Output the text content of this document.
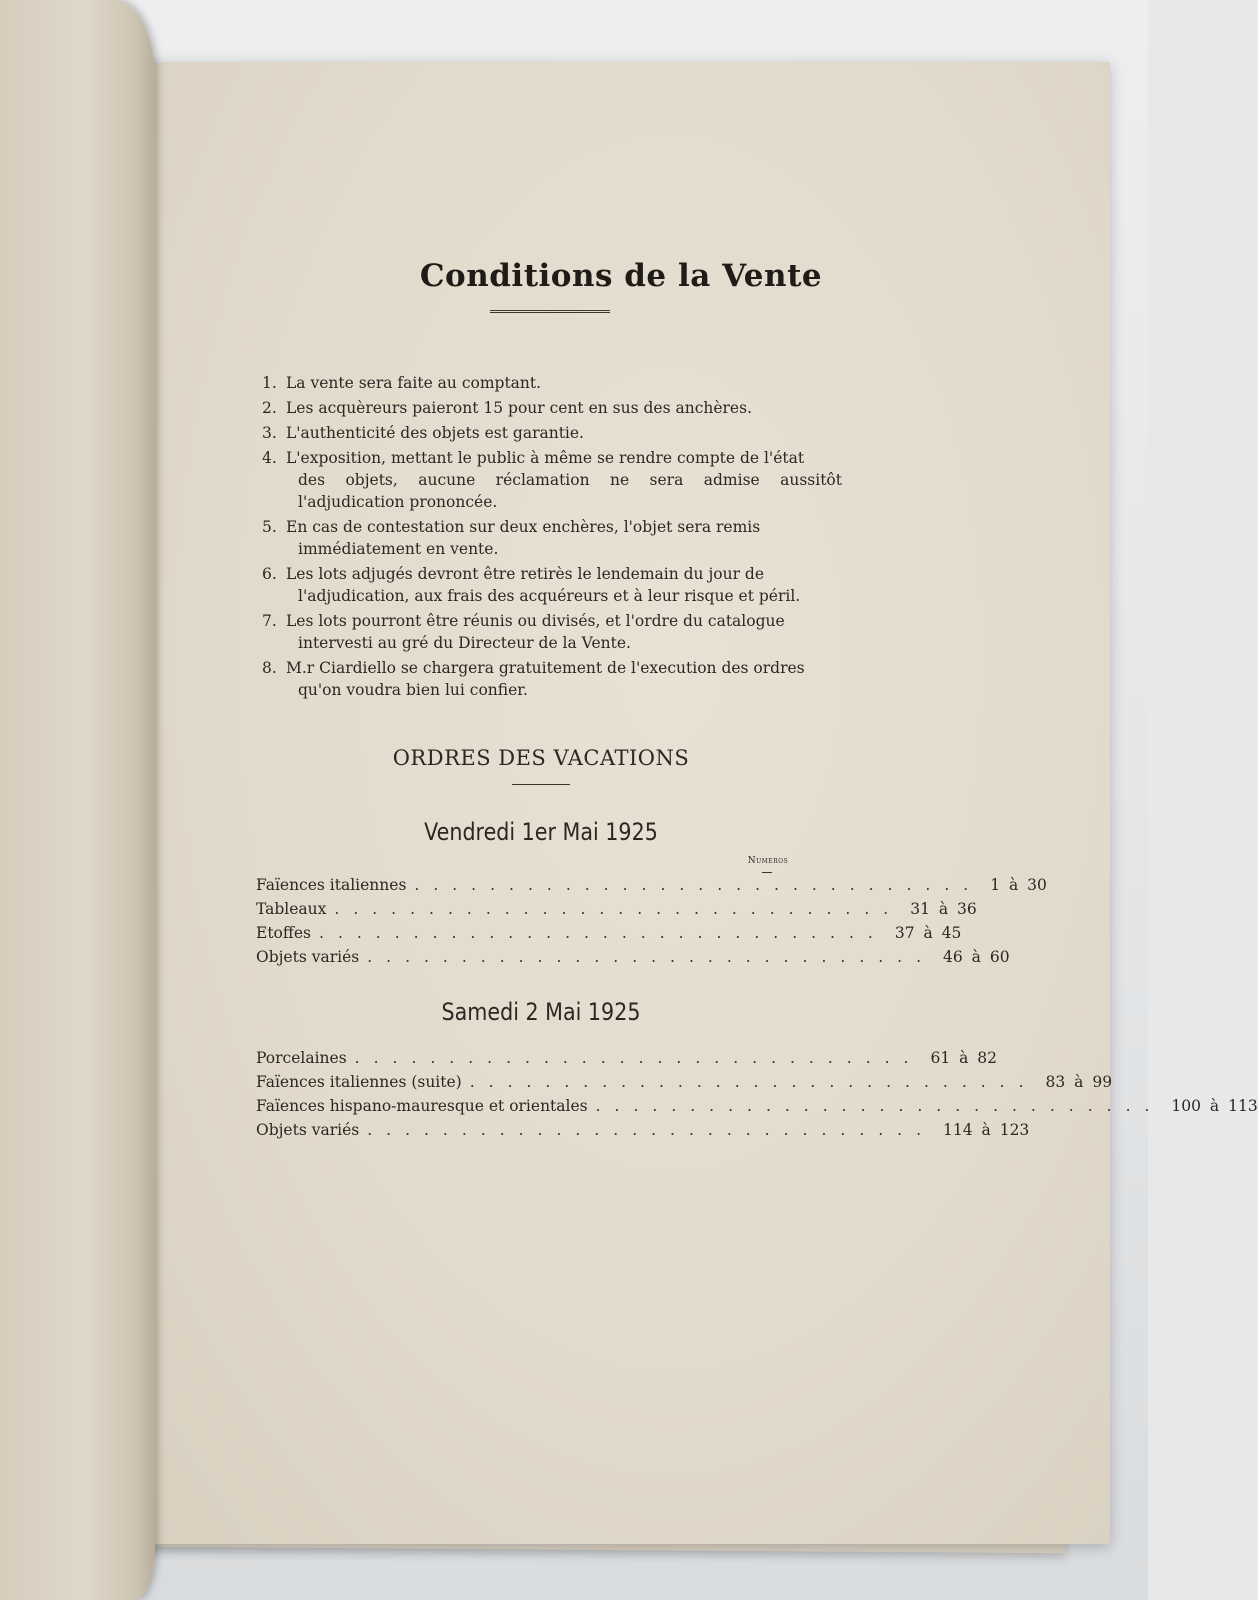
Conditions de la Vente
1. La vente sera faite au comptant.
2. Les acquèreurs paieront 15 pour cent en sus des anchères.
3. L'authenticité des objets est garantie.
4. L'exposition, mettant le public à même se rendre compte de l'état
des objets, aucune réclamation ne sera admise aussitôt l'adjudication prononcée.
5. En cas de contestation sur deux enchères, l'objet sera remis
immédiatement en vente.
6. Les lots adjugés devront être retirès le lendemain du jour de
l'adjudication, aux frais des acquéreurs et à leur risque et péril.
7. Les lots pourront être réunis ou divisés, et l'ordre du catalogue
intervesti au gré du Directeur de la Vente.
8. M.r Ciardiello se chargera gratuitement de l'execution des ordres
qu'on voudra bien lui confier.
ORDRES DES VACATIONS
Vendredi 1er Mai 1925
Numeros
Faïences italiennes .............................. 1 à 30
Tableaux .............................. 31 à 36
Etoffes .............................. 37 à 45
Objets variés .............................. 46 à 60
Samedi 2 Mai 1925
Porcelaines .............................. 61 à 82
Faïences italiennes (suite) .............................. 83 à 99
Faïences hispano-mauresque et orientales .............................. 100 à 113
Objets variés .............................. 114 à 123
